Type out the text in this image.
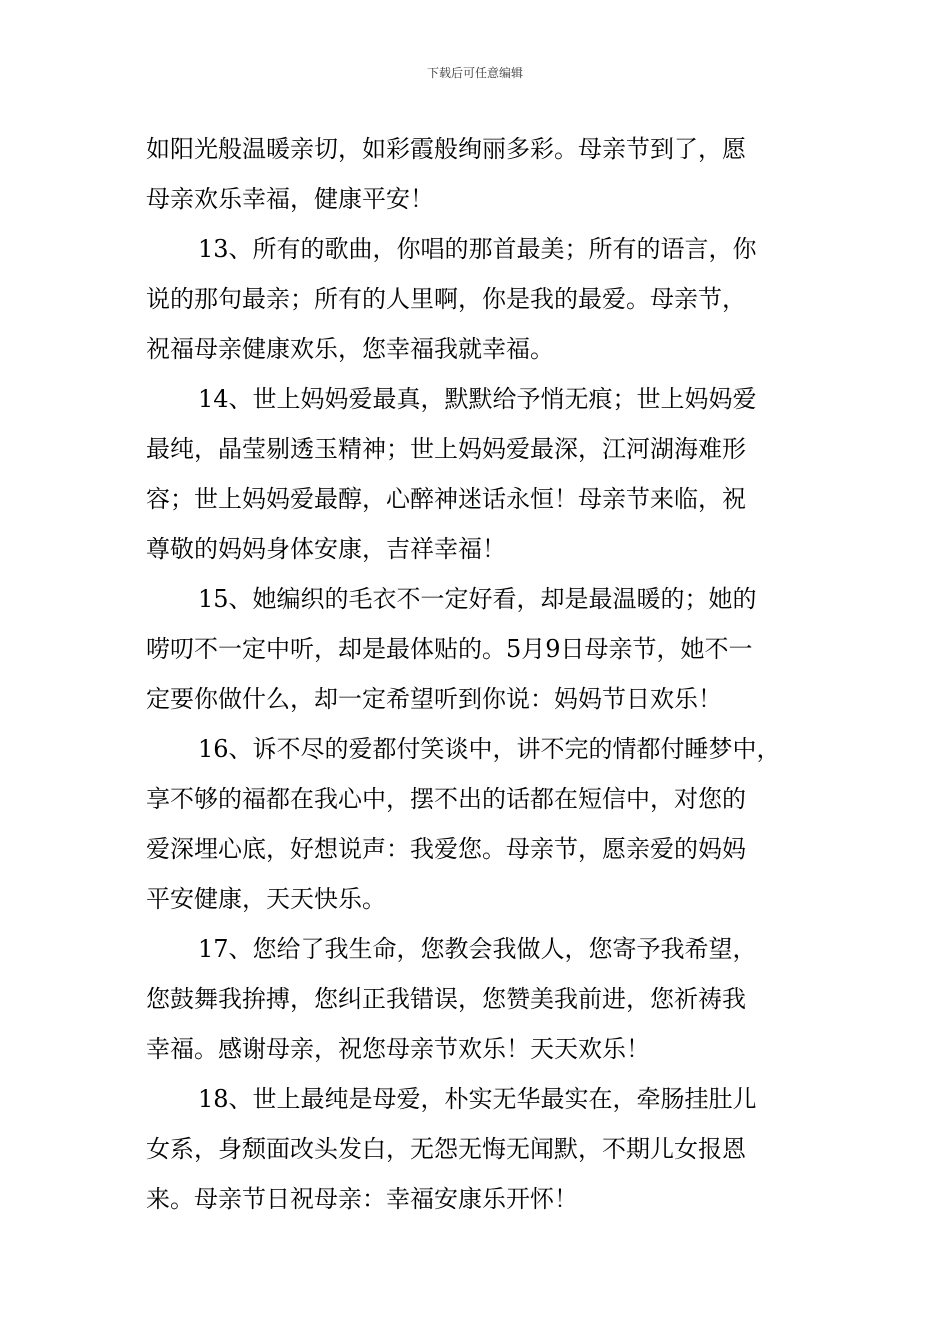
下载后可任意编辑
如阳光般温暖亲切，如彩霞般绚丽多彩。母亲节到了，愿
母亲欢乐幸福，健康平安！
13、所有的歌曲，你唱的那首最美；所有的语言，你
说的那句最亲；所有的人里啊，你是我的最爱。母亲节，
祝福母亲健康欢乐，您幸福我就幸福。
14、世上妈妈爱最真，默默给予悄无痕；世上妈妈爱
最纯，晶莹剔透玉精神；世上妈妈爱最深，江河湖海难形
容；世上妈妈爱最醇，心醉神迷话永恒！母亲节来临，祝
尊敬的妈妈身体安康，吉祥幸福！
15、她编织的毛衣不一定好看，却是最温暖的；她的
唠叨不一定中听，却是最体贴的。5月9日母亲节，她不一
定要你做什么，却一定希望听到你说：妈妈节日欢乐！
16、诉不尽的爱都付笑谈中，讲不完的情都付睡梦中，
享不够的福都在我心中，摆不出的话都在短信中，对您的
爱深埋心底，好想说声：我爱您。母亲节，愿亲爱的妈妈
平安健康，天天快乐。
17、您给了我生命，您教会我做人，您寄予我希望，
您鼓舞我拚搏，您纠正我错误，您赞美我前进，您祈祷我
幸福。感谢母亲，祝您母亲节欢乐！天天欢乐！
18、世上最纯是母爱，朴实无华最实在，牵肠挂肚儿
女系，身颓面改头发白，无怨无悔无闻默，不期儿女报恩
来。母亲节日祝母亲：幸福安康乐开怀！
